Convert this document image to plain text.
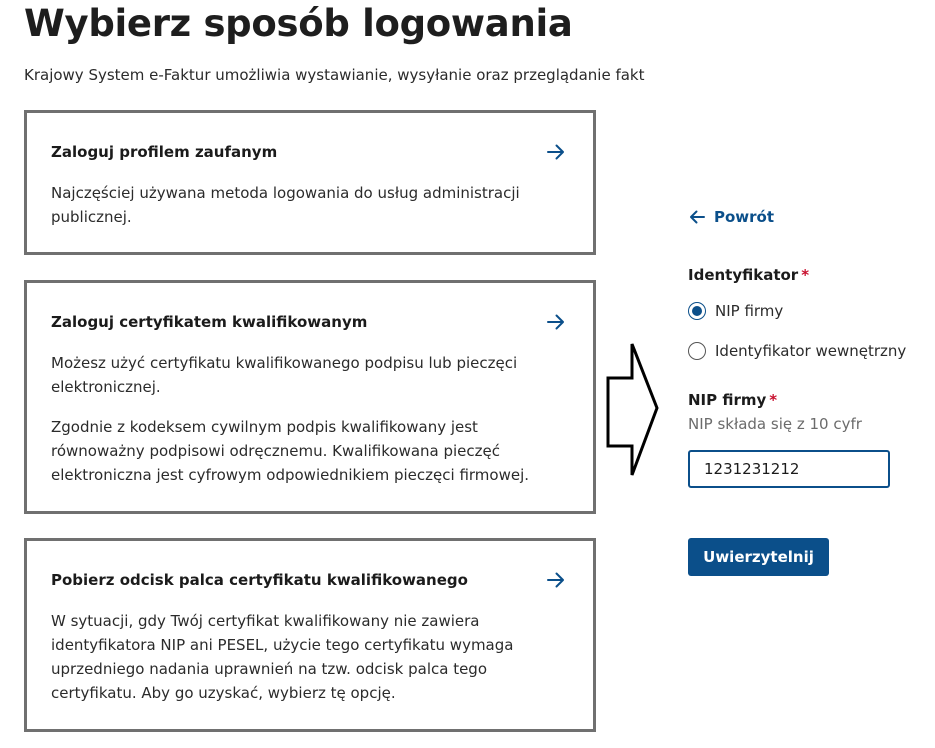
Wybierz sposób logowania

Krajowy System e-Faktur umożliwia wystawianie, wysyłanie oraz przeglądanie fakt

Zaloguj profilem zaufanym

Najczęściej używana metoda logowania do usług administracji publicznej.

Zaloguj certyfikatem kwalifikowanym

Możesz użyć certyfikatu kwalifikowanego podpisu lub pieczęci elektronicznej.

Zgodnie z kodeksem cywilnym podpis kwalifikowany jest równoważny podpisowi odręcznemu. Kwalifikowana pieczęć elektroniczna jest cyfrowym odpowiednikiem pieczęci firmowej.

Pobierz odcisk palca certyfikatu kwalifikowanego

W sytuacji, gdy Twój certyfikat kwalifikowany nie zawiera identyfikatora NIP ani PESEL, użycie tego certyfikatu wymaga uprzedniego nadania uprawnień na tzw. odcisk palca tego certyfikatu. Aby go uzyskać, wybierz tę opcję.

Powrót
Identyfikator *
NIP firmy
Identyfikator wewnętrzny
NIP firmy *
NIP składa się z 10 cyfr
1231231212
Uwierzytelnij
